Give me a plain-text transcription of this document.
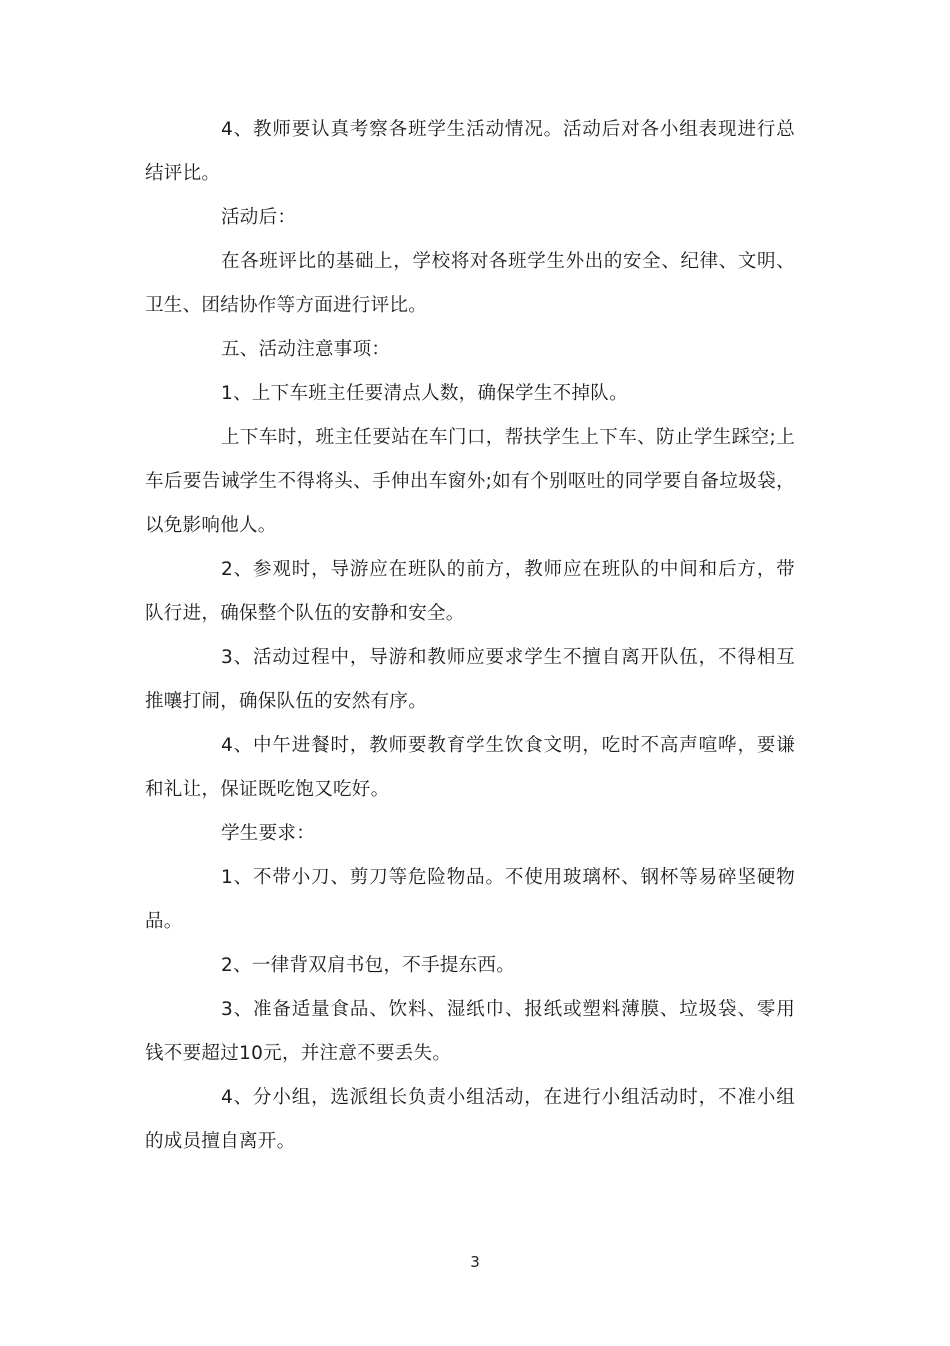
4、教师要认真考察各班学生活动情况。活动后对各小组表现进行总结评比。

活动后：

在各班评比的基础上，学校将对各班学生外出的安全、纪律、文明、卫生、团结协作等方面进行评比。

五、活动注意事项：

1、上下车班主任要清点人数，确保学生不掉队。

上下车时，班主任要站在车门口，帮扶学生上下车、防止学生踩空;上车后要告诫学生不得将头、手伸出车窗外;如有个别呕吐的同学要自备垃圾袋，以免影响他人。

2、参观时，导游应在班队的前方，教师应在班队的中间和后方，带队行进，确保整个队伍的安静和安全。

3、活动过程中，导游和教师应要求学生不擅自离开队伍，不得相互推嚷打闹，确保队伍的安然有序。

4、中午进餐时，教师要教育学生饮食文明，吃时不高声喧哗，要谦和礼让，保证既吃饱又吃好。

学生要求：

1、不带小刀、剪刀等危险物品。不使用玻璃杯、钢杯等易碎坚硬物品。

2、一律背双肩书包，不手提东西。

3、准备适量食品、饮料、湿纸巾、报纸或塑料薄膜、垃圾袋、零用钱不要超过10元，并注意不要丢失。

4、分小组，选派组长负责小组活动，在进行小组活动时，不准小组的成员擅自离开。

3
